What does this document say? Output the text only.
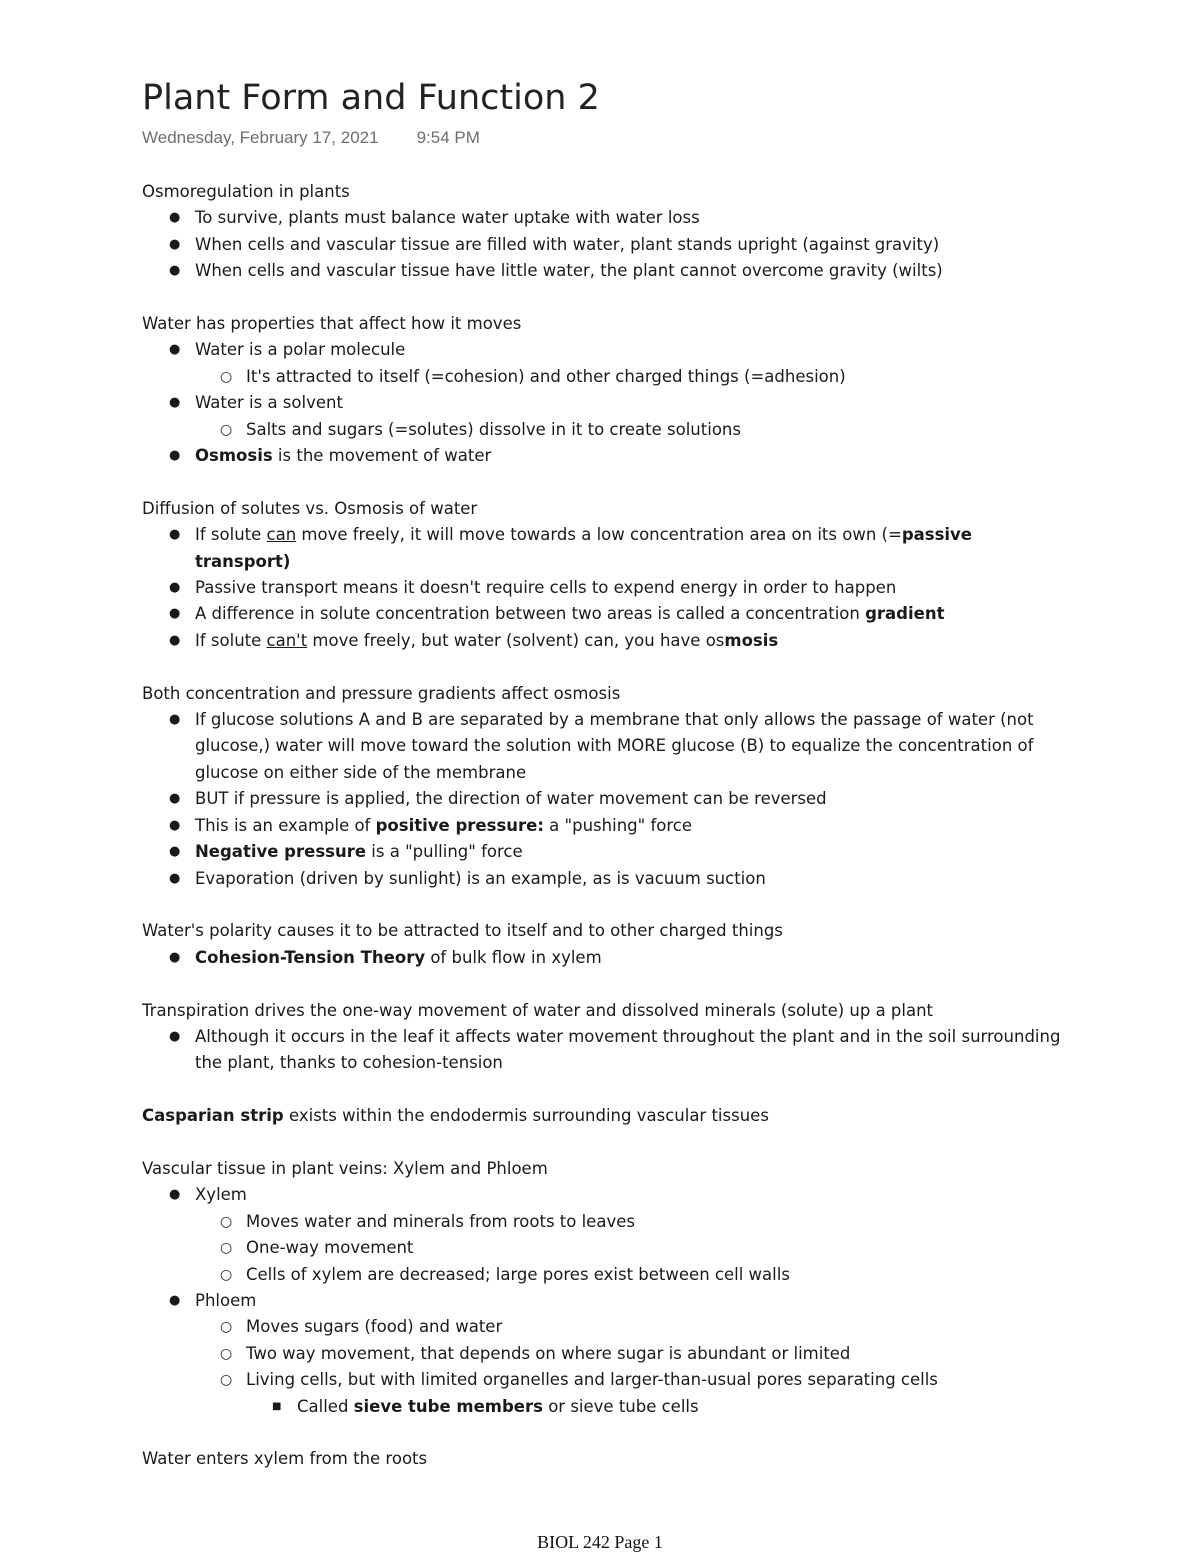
Plant Form and Function 2
Wednesday, February 17, 2021 9:54 PM

Osmoregulation in plants

● To survive, plants must balance water uptake with water loss
● When cells and vascular tissue are filled with water, plant stands upright (against gravity)
● When cells and vascular tissue have little water, the plant cannot overcome gravity (wilts)

Water has properties that affect how it moves

● Water is a polar molecule
○ It's attracted to itself (=cohesion) and other charged things (=adhesion)
● Water is a solvent
○ Salts and sugars (=solutes) dissolve in it to create solutions
● Osmosis is the movement of water

Diffusion of solutes vs. Osmosis of water

● If solute can move freely, it will move towards a low concentration area on its own (=passive transport)
● Passive transport means it doesn't require cells to expend energy in order to happen
● A difference in solute concentration between two areas is called a concentration gradient
● If solute can't move freely, but water (solvent) can, you have osmosis

Both concentration and pressure gradients affect osmosis

● If glucose solutions A and B are separated by a membrane that only allows the passage of water (not glucose,) water will move toward the solution with MORE glucose (B) to equalize the concentration of glucose on either side of the membrane
● BUT if pressure is applied, the direction of water movement can be reversed
● This is an example of positive pressure: a "pushing" force
● Negative pressure is a "pulling" force
● Evaporation (driven by sunlight) is an example, as is vacuum suction

Water's polarity causes it to be attracted to itself and to other charged things

● Cohesion-Tension Theory of bulk flow in xylem

Transpiration drives the one-way movement of water and dissolved minerals (solute) up a plant

● Although it occurs in the leaf it affects water movement throughout the plant and in the soil surrounding the plant, thanks to cohesion-tension

Casparian strip exists within the endodermis surrounding vascular tissues

Vascular tissue in plant veins: Xylem and Phloem

● Xylem
○ Moves water and minerals from roots to leaves
○ One-way movement
○ Cells of xylem are decreased; large pores exist between cell walls
● Phloem
○ Moves sugars (food) and water
○ Two way movement, that depends on where sugar is abundant or limited
○ Living cells, but with limited organelles and larger-than-usual pores separating cells
■ Called sieve tube members or sieve tube cells

Water enters xylem from the roots

BIOL 242 Page 1
